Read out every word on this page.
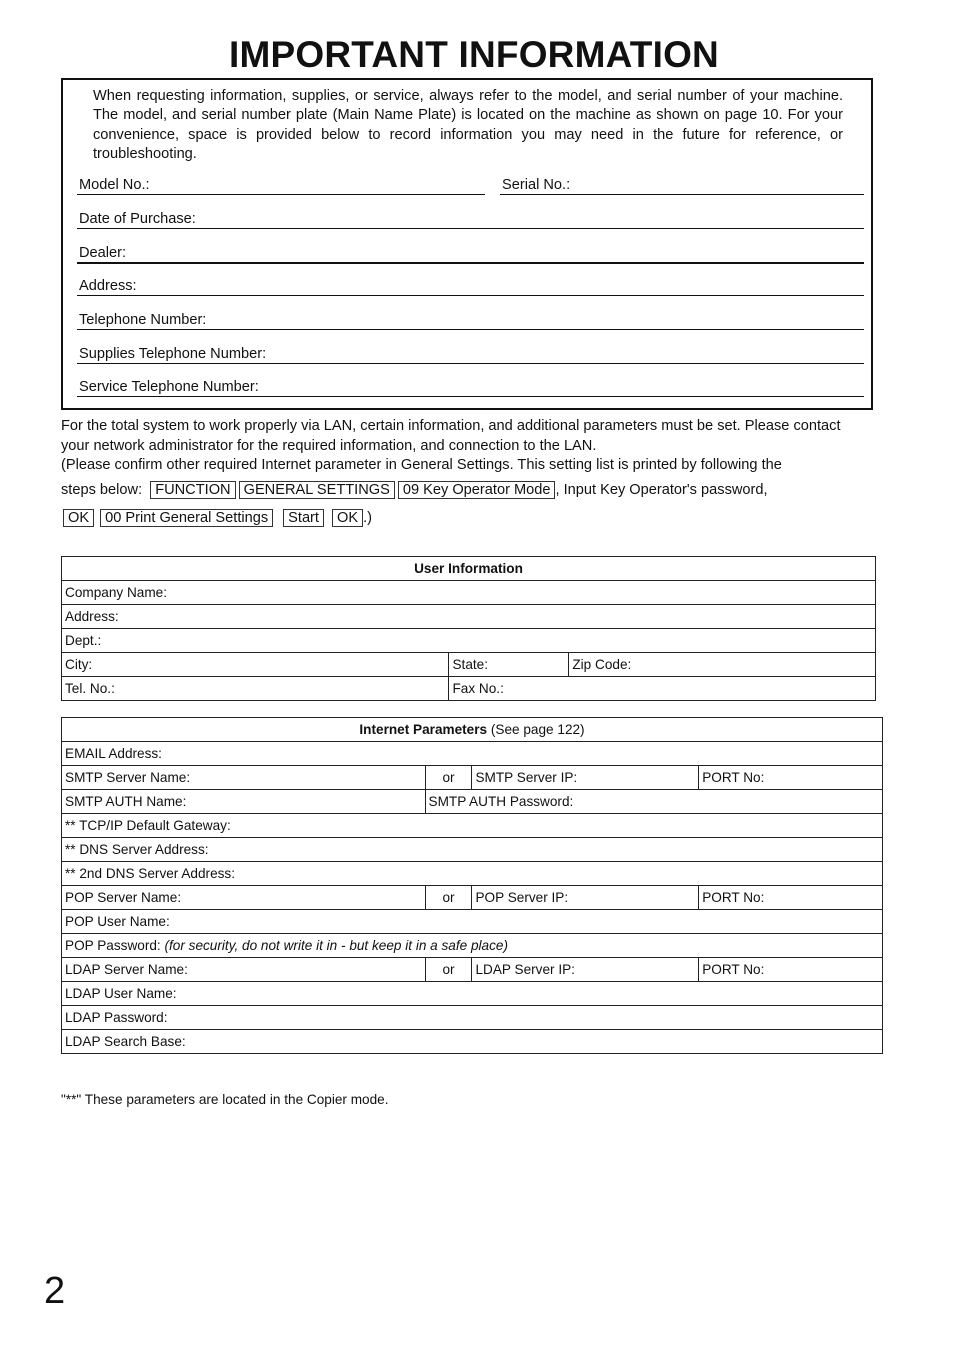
IMPORTANT INFORMATION
When requesting information, supplies, or service, always refer to the model, and serial number of your machine. The model, and serial number plate (Main Name Plate) is located on the machine as shown on page 10. For your convenience, space is provided below to record information you may need in the future for reference, or troubleshooting.
Model No.:	Serial No.:
Date of Purchase:
Dealer:
Address:
Telephone Number:
Supplies Telephone Number:
Service Telephone Number:
For the total system to work properly via LAN, certain information, and additional parameters must be set. Please contact your network administrator for the required information, and connection to the LAN.
(Please confirm other required Internet parameter in General Settings. This setting list is printed by following the
steps below: FUNCTION GENERAL SETTINGS 09 Key Operator Mode , Input Key Operator's password,
OK 00 Print General Settings Start OK .)
User Information		
Company Name:		
Address:		
Dept.:		
City:	State:	Zip Code:
Tel. No.:	Fax No.:	
Internet Parameters (See page 122)			
EMAIL Address:			
SMTP Server Name:	or	SMTP Server IP:	PORT No:
SMTP AUTH Name:	SMTP AUTH Password:		
** TCP/IP Default Gateway:			
** DNS Server Address:			
** 2nd DNS Server Address:			
POP Server Name:	or	POP Server IP:	PORT No:
POP User Name:			
POP Password: (for security, do not write it in - but keep it in a safe place)			
LDAP Server Name:	or	LDAP Server IP:	PORT No:
LDAP User Name:			
LDAP Password:			
LDAP Search Base:			
"**" These parameters are located in the Copier mode.
2
